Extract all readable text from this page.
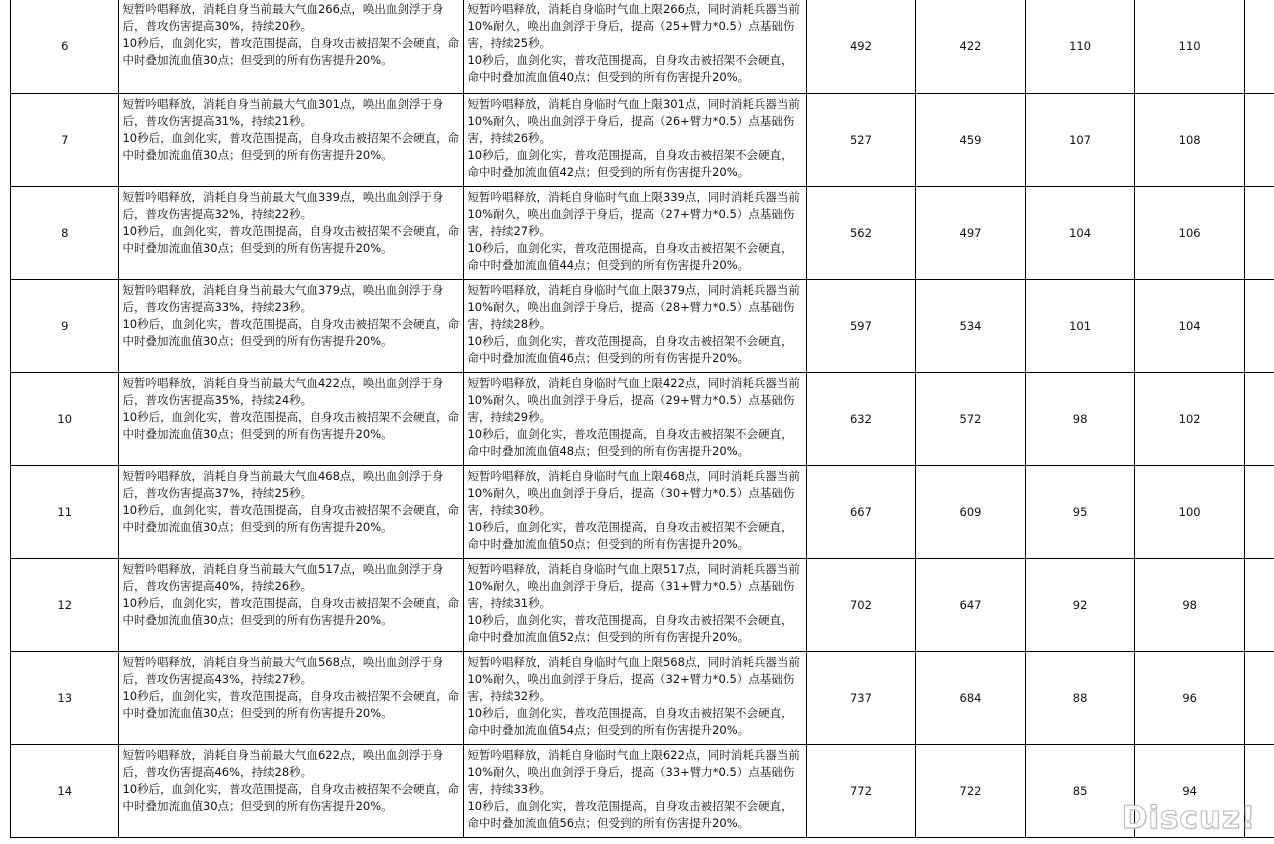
6	短暂吟唱释放，消耗自身当前最大气血266点，唤出血剑浮于身后，普攻伤害提高30%，持续20秒。
10秒后，血剑化实，普攻范围提高，自身攻击被招架不会硬直，命中时叠加流血值30点；但受到的所有伤害提升20%。	短暂吟唱释放，消耗自身临时气血上限266点，同时消耗兵器当前10%耐久，唤出血剑浮于身后，提高（25+臂力*0.5）点基础伤害，持续25秒。
10秒后，血剑化实，普攻范围提高，自身攻击被招架不会硬直，命中时叠加流血值40点；但受到的所有伤害提升20%。	492	422	110	110	
7	短暂吟唱释放，消耗自身当前最大气血301点，唤出血剑浮于身后，普攻伤害提高31%，持续21秒。
10秒后，血剑化实，普攻范围提高，自身攻击被招架不会硬直，命中时叠加流血值30点；但受到的所有伤害提升20%。	短暂吟唱释放，消耗自身临时气血上限301点，同时消耗兵器当前10%耐久，唤出血剑浮于身后，提高（26+臂力*0.5）点基础伤害，持续26秒。
10秒后，血剑化实，普攻范围提高，自身攻击被招架不会硬直，命中时叠加流血值42点；但受到的所有伤害提升20%。	527	459	107	108	
8	短暂吟唱释放，消耗自身当前最大气血339点，唤出血剑浮于身后，普攻伤害提高32%，持续22秒。
10秒后，血剑化实，普攻范围提高，自身攻击被招架不会硬直，命中时叠加流血值30点；但受到的所有伤害提升20%。	短暂吟唱释放，消耗自身临时气血上限339点，同时消耗兵器当前10%耐久，唤出血剑浮于身后，提高（27+臂力*0.5）点基础伤害，持续27秒。
10秒后，血剑化实，普攻范围提高，自身攻击被招架不会硬直，命中时叠加流血值44点；但受到的所有伤害提升20%。	562	497	104	106	
9	短暂吟唱释放，消耗自身当前最大气血379点，唤出血剑浮于身后，普攻伤害提高33%，持续23秒。
10秒后，血剑化实，普攻范围提高，自身攻击被招架不会硬直，命中时叠加流血值30点；但受到的所有伤害提升20%。	短暂吟唱释放，消耗自身临时气血上限379点，同时消耗兵器当前10%耐久，唤出血剑浮于身后，提高（28+臂力*0.5）点基础伤害，持续28秒。
10秒后，血剑化实，普攻范围提高，自身攻击被招架不会硬直，命中时叠加流血值46点；但受到的所有伤害提升20%。	597	534	101	104	
10	短暂吟唱释放，消耗自身当前最大气血422点，唤出血剑浮于身后，普攻伤害提高35%，持续24秒。
10秒后，血剑化实，普攻范围提高，自身攻击被招架不会硬直，命中时叠加流血值30点；但受到的所有伤害提升20%。	短暂吟唱释放，消耗自身临时气血上限422点，同时消耗兵器当前10%耐久，唤出血剑浮于身后，提高（29+臂力*0.5）点基础伤害，持续29秒。
10秒后，血剑化实，普攻范围提高，自身攻击被招架不会硬直，命中时叠加流血值48点；但受到的所有伤害提升20%。	632	572	98	102	
11	短暂吟唱释放，消耗自身当前最大气血468点，唤出血剑浮于身后，普攻伤害提高37%，持续25秒。
10秒后，血剑化实，普攻范围提高，自身攻击被招架不会硬直，命中时叠加流血值30点；但受到的所有伤害提升20%。	短暂吟唱释放，消耗自身临时气血上限468点，同时消耗兵器当前10%耐久，唤出血剑浮于身后，提高（30+臂力*0.5）点基础伤害，持续30秒。
10秒后，血剑化实，普攻范围提高，自身攻击被招架不会硬直，命中时叠加流血值50点；但受到的所有伤害提升20%。	667	609	95	100	
12	短暂吟唱释放，消耗自身当前最大气血517点，唤出血剑浮于身后，普攻伤害提高40%，持续26秒。
10秒后，血剑化实，普攻范围提高，自身攻击被招架不会硬直，命中时叠加流血值30点；但受到的所有伤害提升20%。	短暂吟唱释放，消耗自身临时气血上限517点，同时消耗兵器当前10%耐久，唤出血剑浮于身后，提高（31+臂力*0.5）点基础伤害，持续31秒。
10秒后，血剑化实，普攻范围提高，自身攻击被招架不会硬直，命中时叠加流血值52点；但受到的所有伤害提升20%。	702	647	92	98	
13	短暂吟唱释放，消耗自身当前最大气血568点，唤出血剑浮于身后，普攻伤害提高43%，持续27秒。
10秒后，血剑化实，普攻范围提高，自身攻击被招架不会硬直，命中时叠加流血值30点；但受到的所有伤害提升20%。	短暂吟唱释放，消耗自身临时气血上限568点，同时消耗兵器当前10%耐久，唤出血剑浮于身后，提高（32+臂力*0.5）点基础伤害，持续32秒。
10秒后，血剑化实，普攻范围提高，自身攻击被招架不会硬直，命中时叠加流血值54点；但受到的所有伤害提升20%。	737	684	88	96	
14	短暂吟唱释放，消耗自身当前最大气血622点，唤出血剑浮于身后，普攻伤害提高46%，持续28秒。
10秒后，血剑化实，普攻范围提高，自身攻击被招架不会硬直，命中时叠加流血值30点；但受到的所有伤害提升20%。	短暂吟唱释放，消耗自身临时气血上限622点，同时消耗兵器当前10%耐久，唤出血剑浮于身后，提高（33+臂力*0.5）点基础伤害，持续33秒。
10秒后，血剑化实，普攻范围提高，自身攻击被招架不会硬直，命中时叠加流血值56点；但受到的所有伤害提升20%。	772	722	85	94	
Discuz!
